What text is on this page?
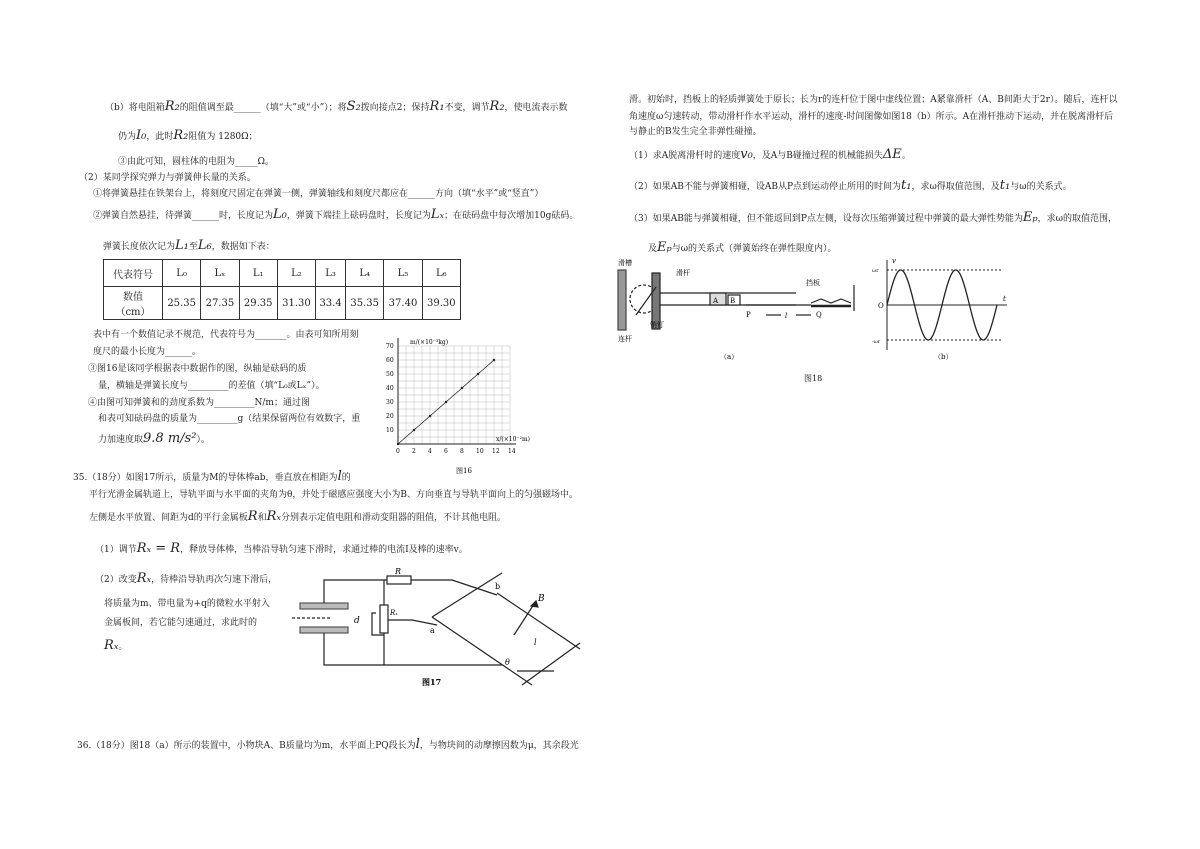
（b）将电阻箱R₂的阻值调至最______（填“大”或“小”）；将S₂拨向接点2；保持R₁不变，调节R₂，使电流表示数
仍为I₀，此时R₂阻值为 1280Ω；
③由此可知，圆柱体的电阻为_____Ω。
（2）某同学探究弹力与弹簧伸长量的关系。
①将弹簧悬挂在铁架台上，将刻度尺固定在弹簧一侧，弹簧轴线和刻度尺都应在______方向（填“水平”或“竖直”）
②弹簧自然悬挂，待弹簧______时，长度记为L₀，弹簧下端挂上砝码盘时，长度记为Lₓ；在砝码盘中每次增加10g砝码。
弹簧长度依次记为L₁至L₆，数据如下表：
代表符号	L₀	Lₓ	L₁	L₂	L₃	L₄	L₅	L₆
数值
（cm）	25.35	27.35	29.35	31.30	33.4	35.35	37.40	39.30
表中有一个数值记录不规范，代表符号为_______。由表可知所用刻
度尺的最小长度为______。
③图16是该同学根据表中数据作的图，纵轴是砝码的质
量，横轴是弹簧长度与_________的差值（填“L₀或Lₓ”）。
④由图可知弹簧和的劲度系数为_________N/m；通过图
和表可知砝码盘的质量为_________g（结果保留两位有效数字，重
力加速度取9.8 m/s²）。
0 2 4 6 8 10 12 14
10
20
30
40
50
60
70
m/(×10⁻³kg)
x/(×10⁻²m)
图16
35.（18分）如图17所示，质量为M的导体棒ab，垂直放在相距为l的
平行光滑金属轨道上，导轨平面与水平面的夹角为θ，并处于磁感应强度大小为B、方向垂直与导轨平面向上的匀强磁场中。
左侧是水平放置、间距为d的平行金属板R和Rₓ分别表示定值电阻和滑动变阻器的阻值，不计其他电阻。
（1）调节Rₓ = R，释放导体棒，当棒沿导轨匀速下滑时，求通过棒的电流I及棒的速率v。
（2）改变Rₓ，待棒沿导轨再次匀速下滑后，
将质量为m、带电量为+q的微粒水平射入
金属板间，若它能匀速通过，求此时的
Rₓ。
R
Rₓ
d
a
b
B
θ
l
图17
36.（18分）图18（a）所示的装置中，小物块A、B质量均为m，水平面上PQ段长为l，与物块间的动摩擦因数为μ，其余段光
滑。初始时，挡板上的轻质弹簧处于原长；长为r的连杆位于图中虚线位置；A紧靠滑杆（A、B间距大于2r）。随后，连杆以
角速度ω匀速转动，带动滑杆作水平运动，滑杆的速度-时间图像如图18（b）所示。A在滑杆推动下运动，并在脱离滑杆后
与静止的B发生完全非弹性碰撞。
（1）求A脱离滑杆时的速度v₀，及A与B碰撞过程的机械能损失ΔE。
（2）如果AB不能与弹簧相碰，设AB从P点到运动停止所用的时间为t₁，求ω得取值范围，及t₁与ω的关系式。
（3）如果AB能与弹簧相碰，但不能返回到P点左侧，设每次压缩弹簧过程中弹簧的最大弹性势能为Eₚ，求ω的取值范围，
及Eₚ与ω的关系式（弹簧始终在弹性限度内）。
滑槽
滑杆
销钉
连杆
挡板
A B
P	Q
l
（a）
v
t
O
ωr
-ωr
（b）
图18
